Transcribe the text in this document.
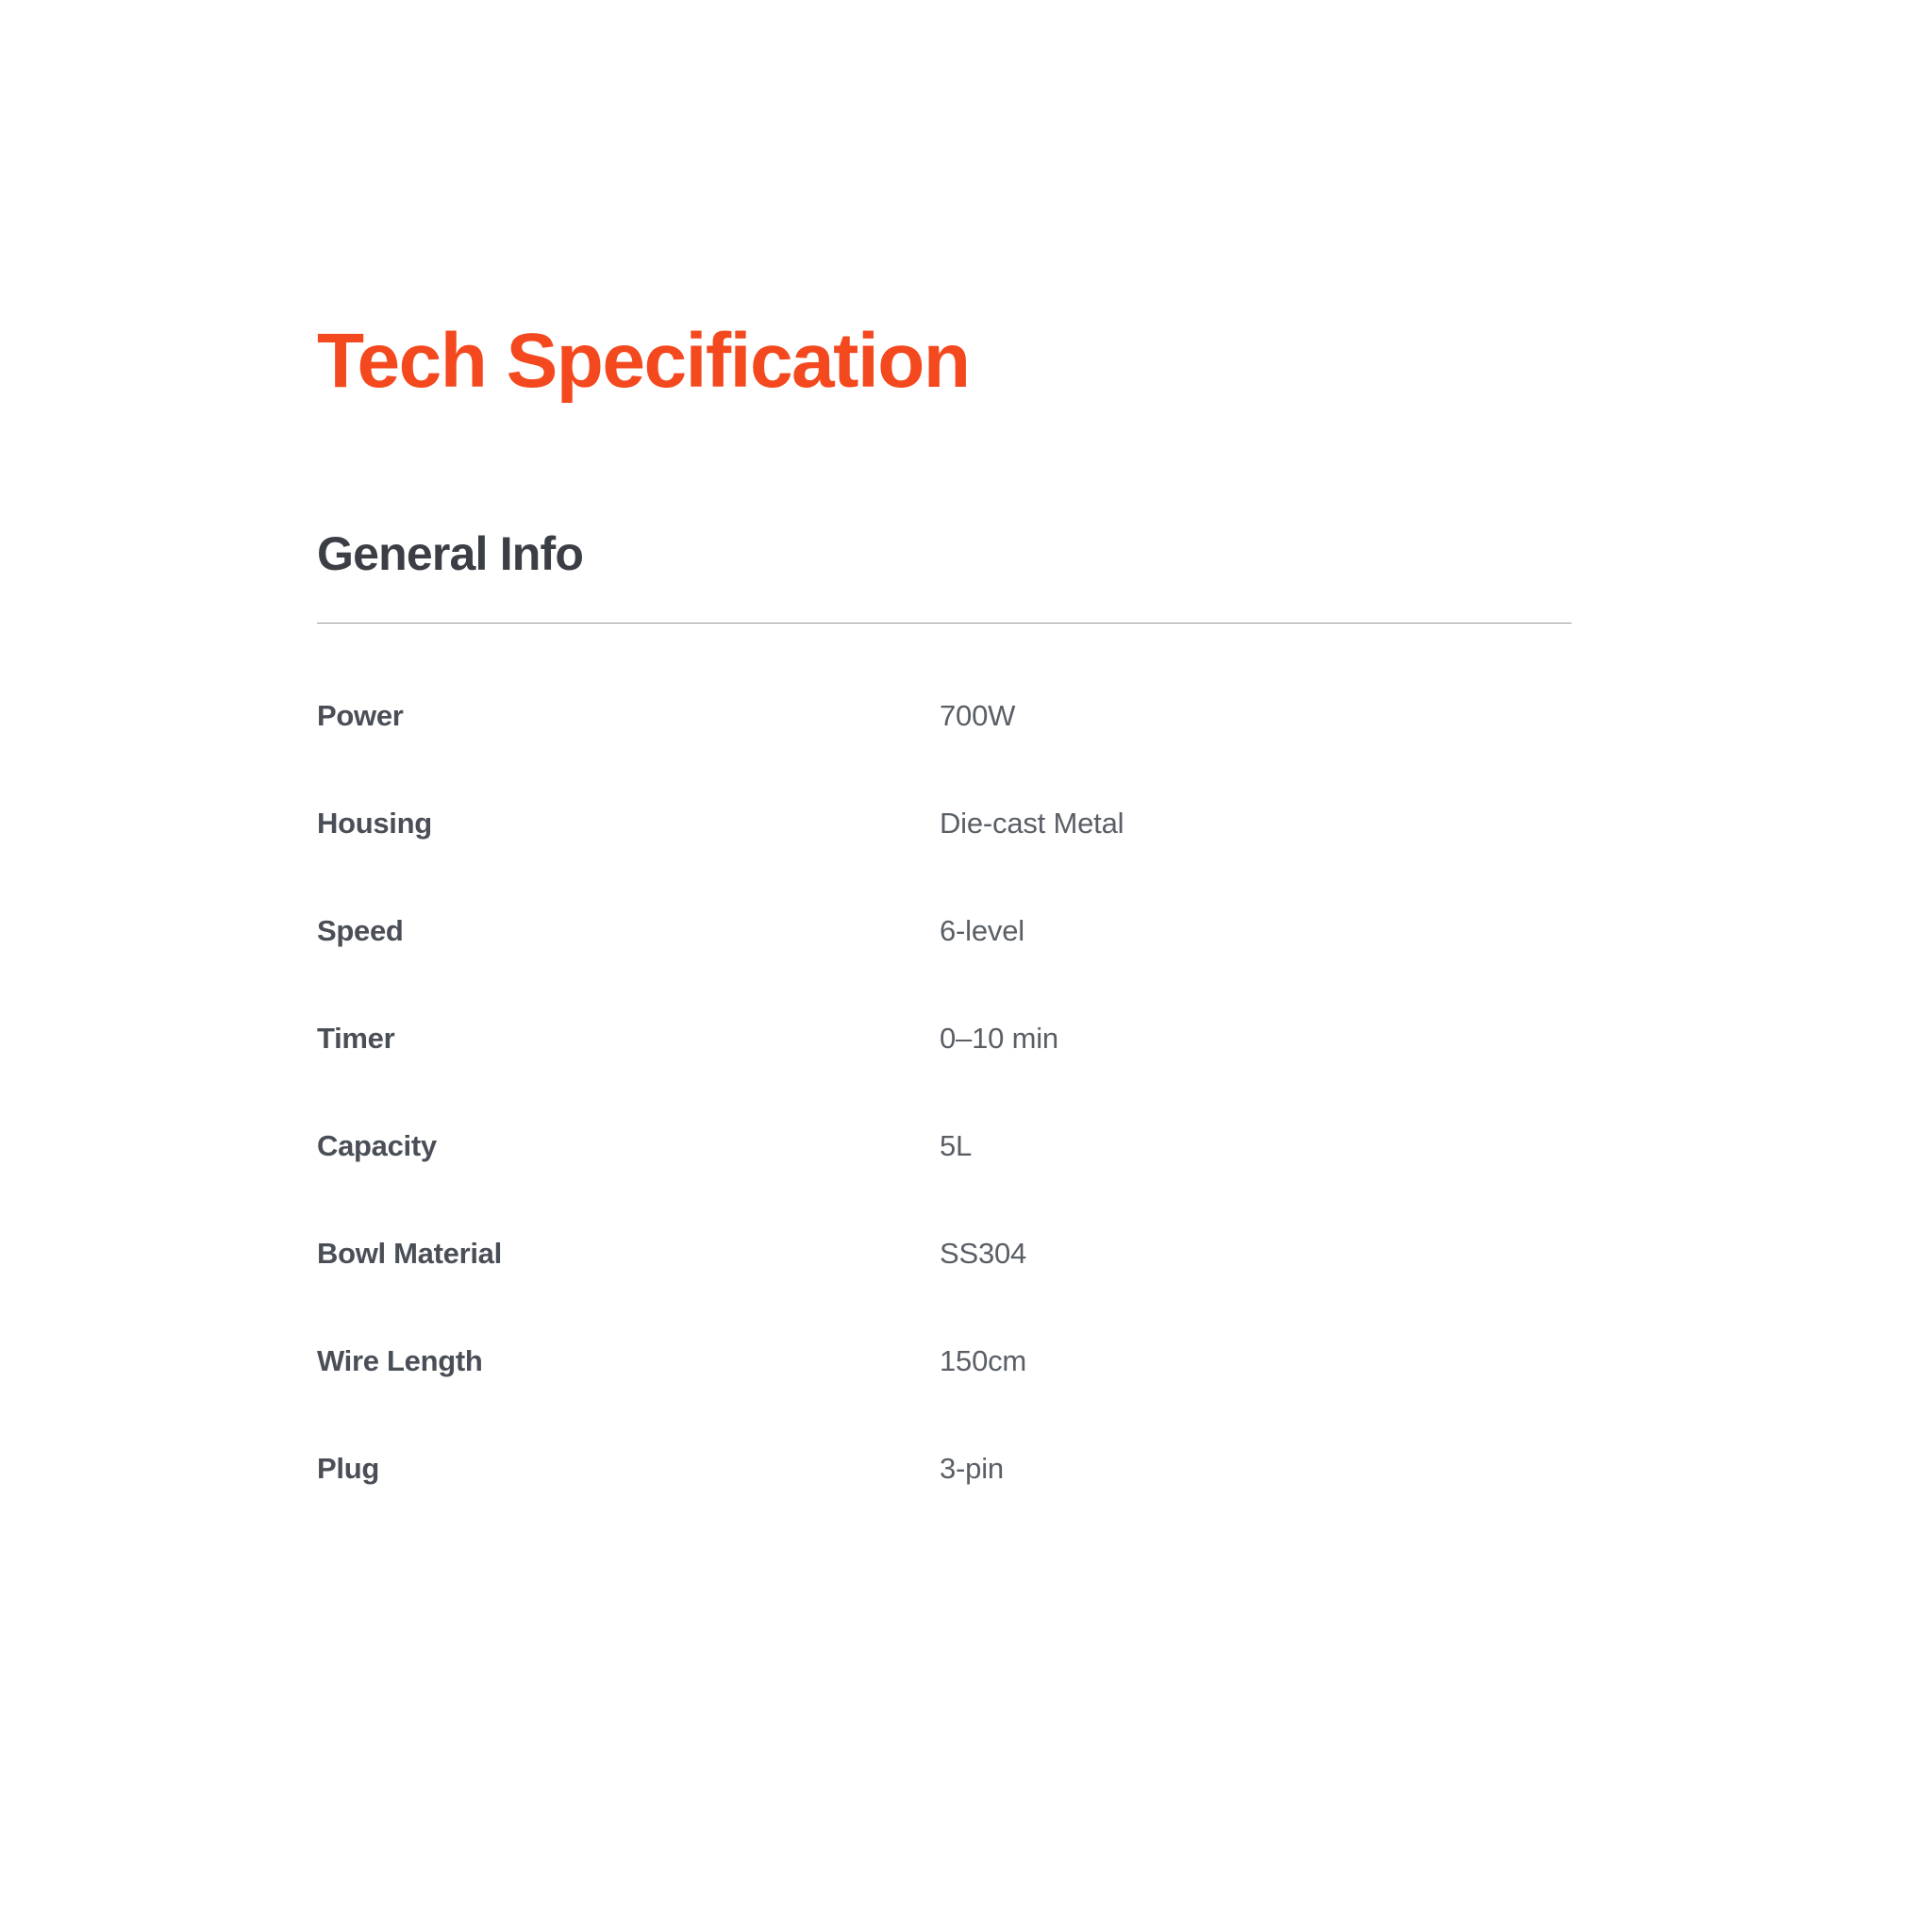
Tech Specification
General Info
Power	700W
Housing	Die-cast Metal
Speed	6-level
Timer	0–10 min
Capacity	5L
Bowl Material	SS304
Wire Length	150cm
Plug	3-pin
